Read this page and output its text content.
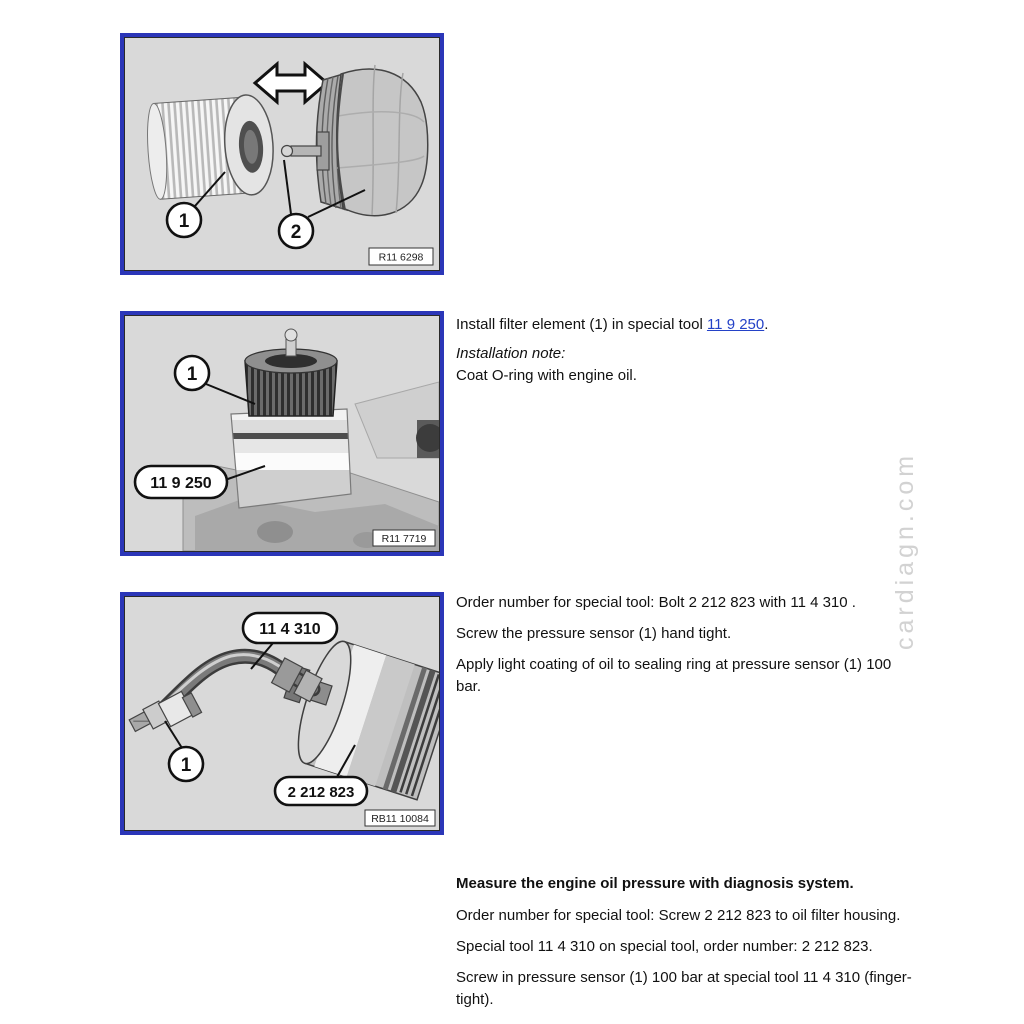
1
2
R11 6298
1
11 9 250
R11 7719
11 4 310
1
2 212 823
RB11 10084

Install filter element (1) in special tool 11 9 250.

Installation note:

Coat O-ring with engine oil.

Order number for special tool: Bolt 2 212 823 with 11 4 310 .

Screw the pressure sensor (1) hand tight.

Apply light coating of oil to sealing ring at pressure sensor (1) 100 bar.

Measure the engine oil pressure with diagnosis system.

Order number for special tool: Screw 2 212 823 to oil filter housing.

Special tool 11 4 310 on special tool, order number: 2 212 823.

Screw in pressure sensor (1) 100 bar at special tool 11 4 310 (finger-tight).

cardiagn.com
